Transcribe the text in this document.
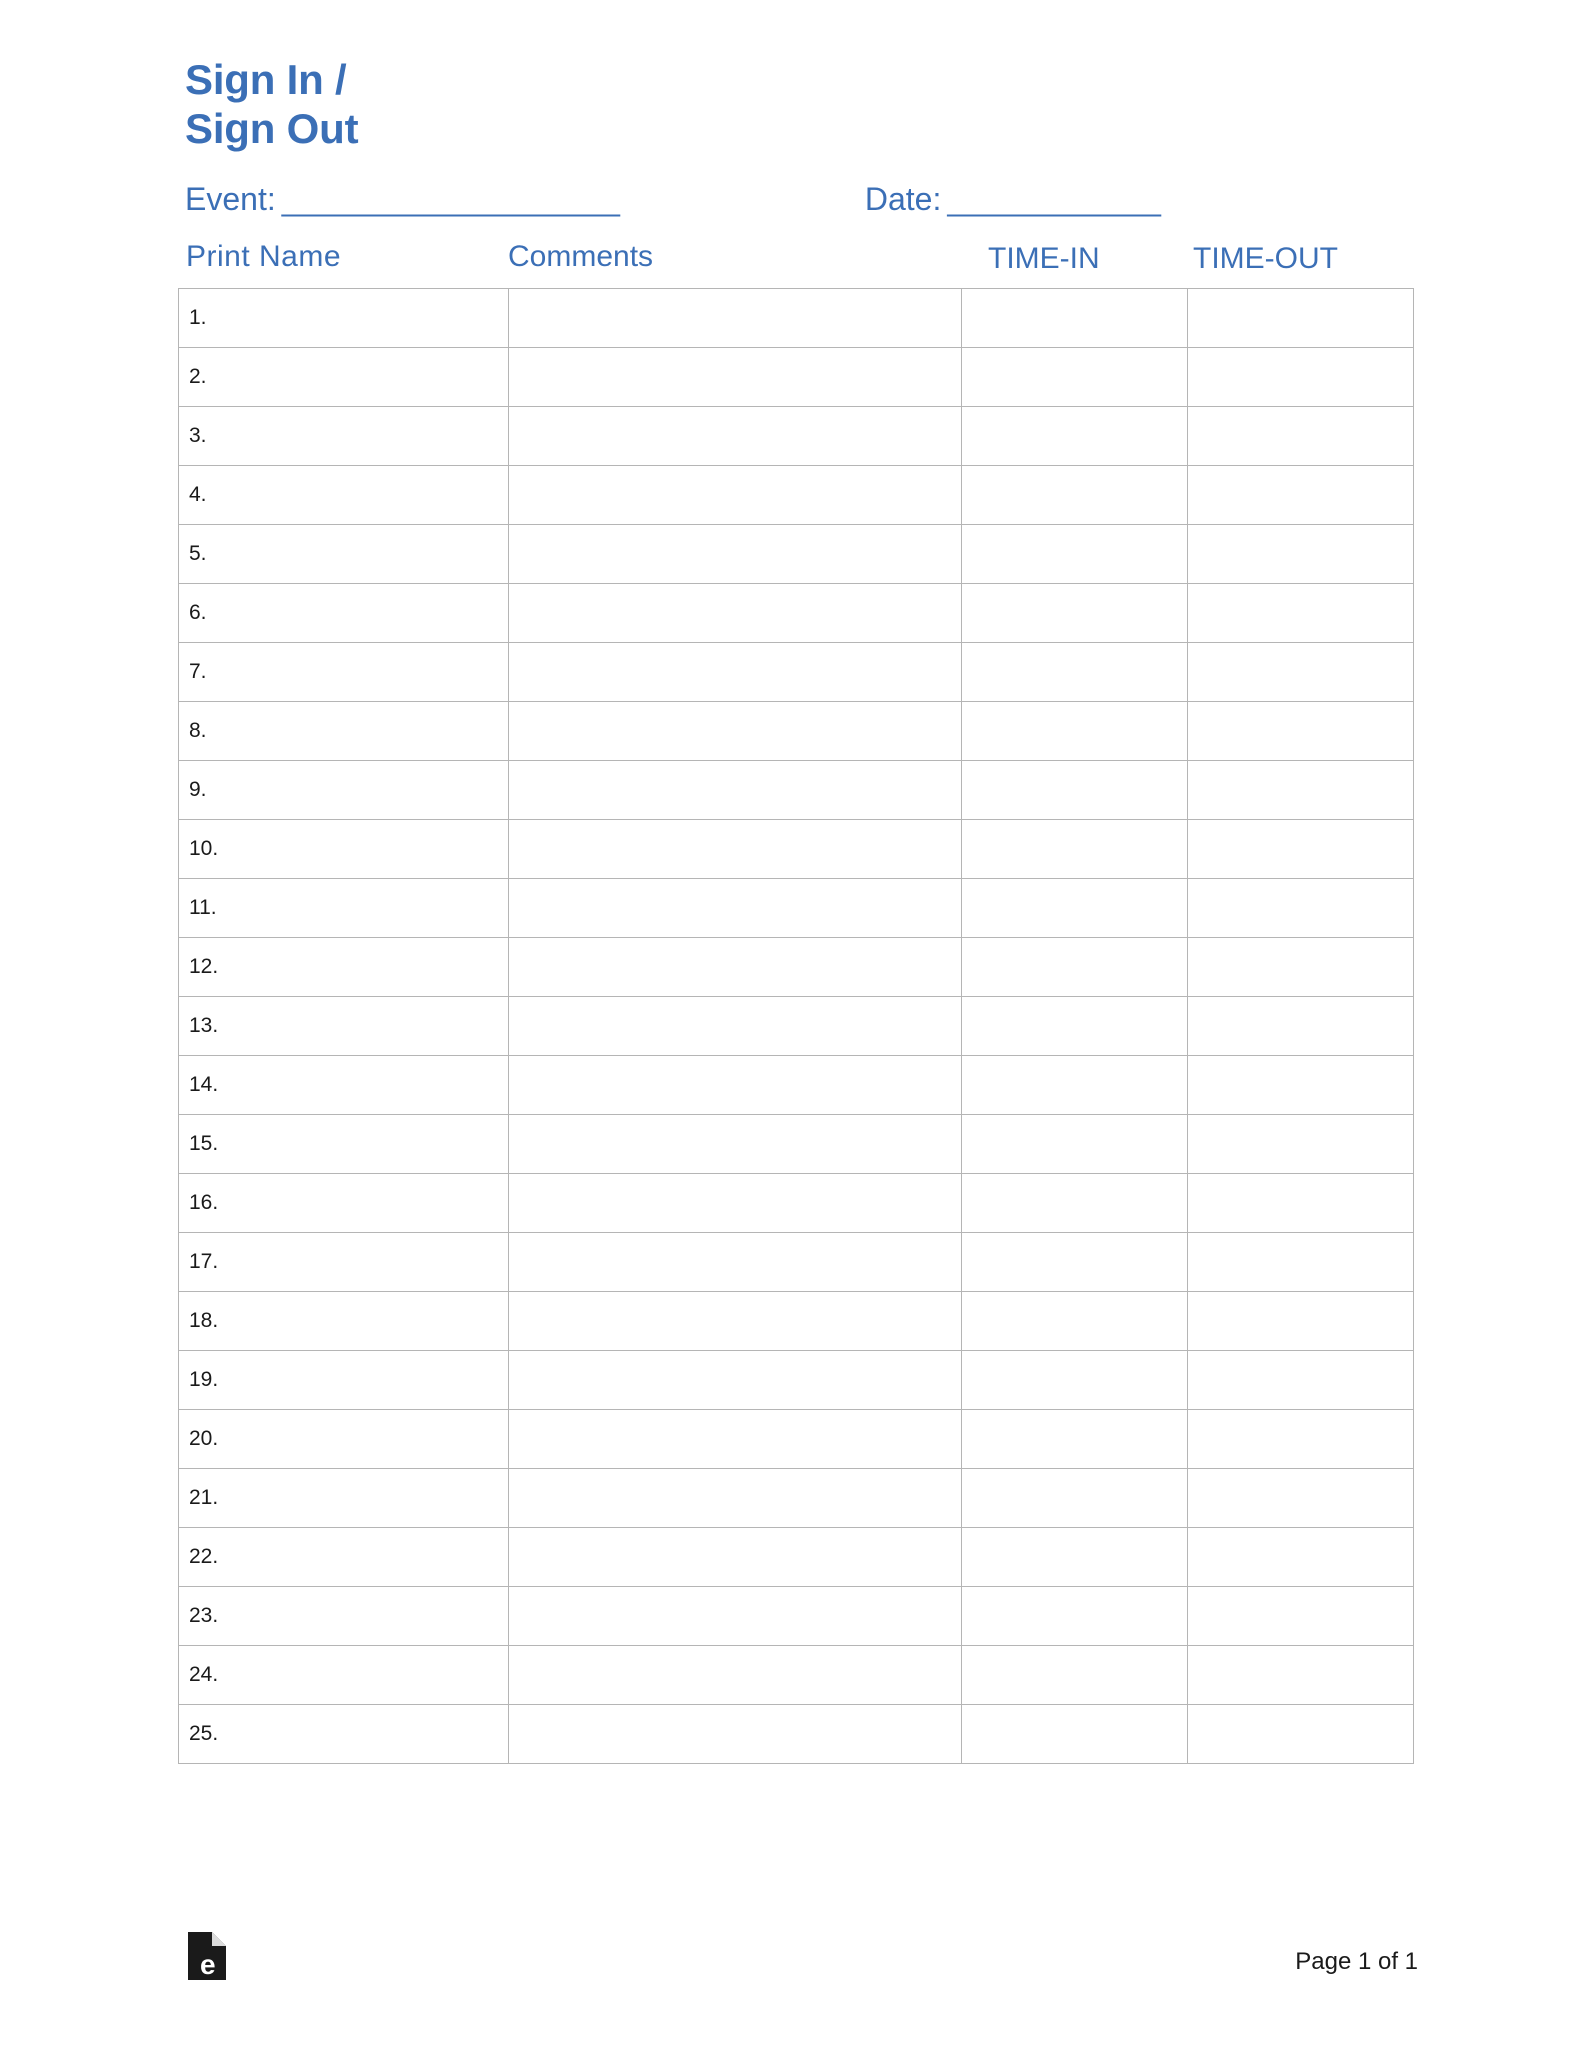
Sign In /
Sign Out
Event: ___________________	Date: ____________
Print Name	Comments	TIME-IN	TIME-OUT
1.			
2.			
3.			
4.			
5.			
6.			
7.			
8.			
9.			
10.			
11.			
12.			
13.			
14.			
15.			
16.			
17.			
18.			
19.			
20.			
21.			
22.			
23.			
24.			
25.			
e	Page 1 of 1
